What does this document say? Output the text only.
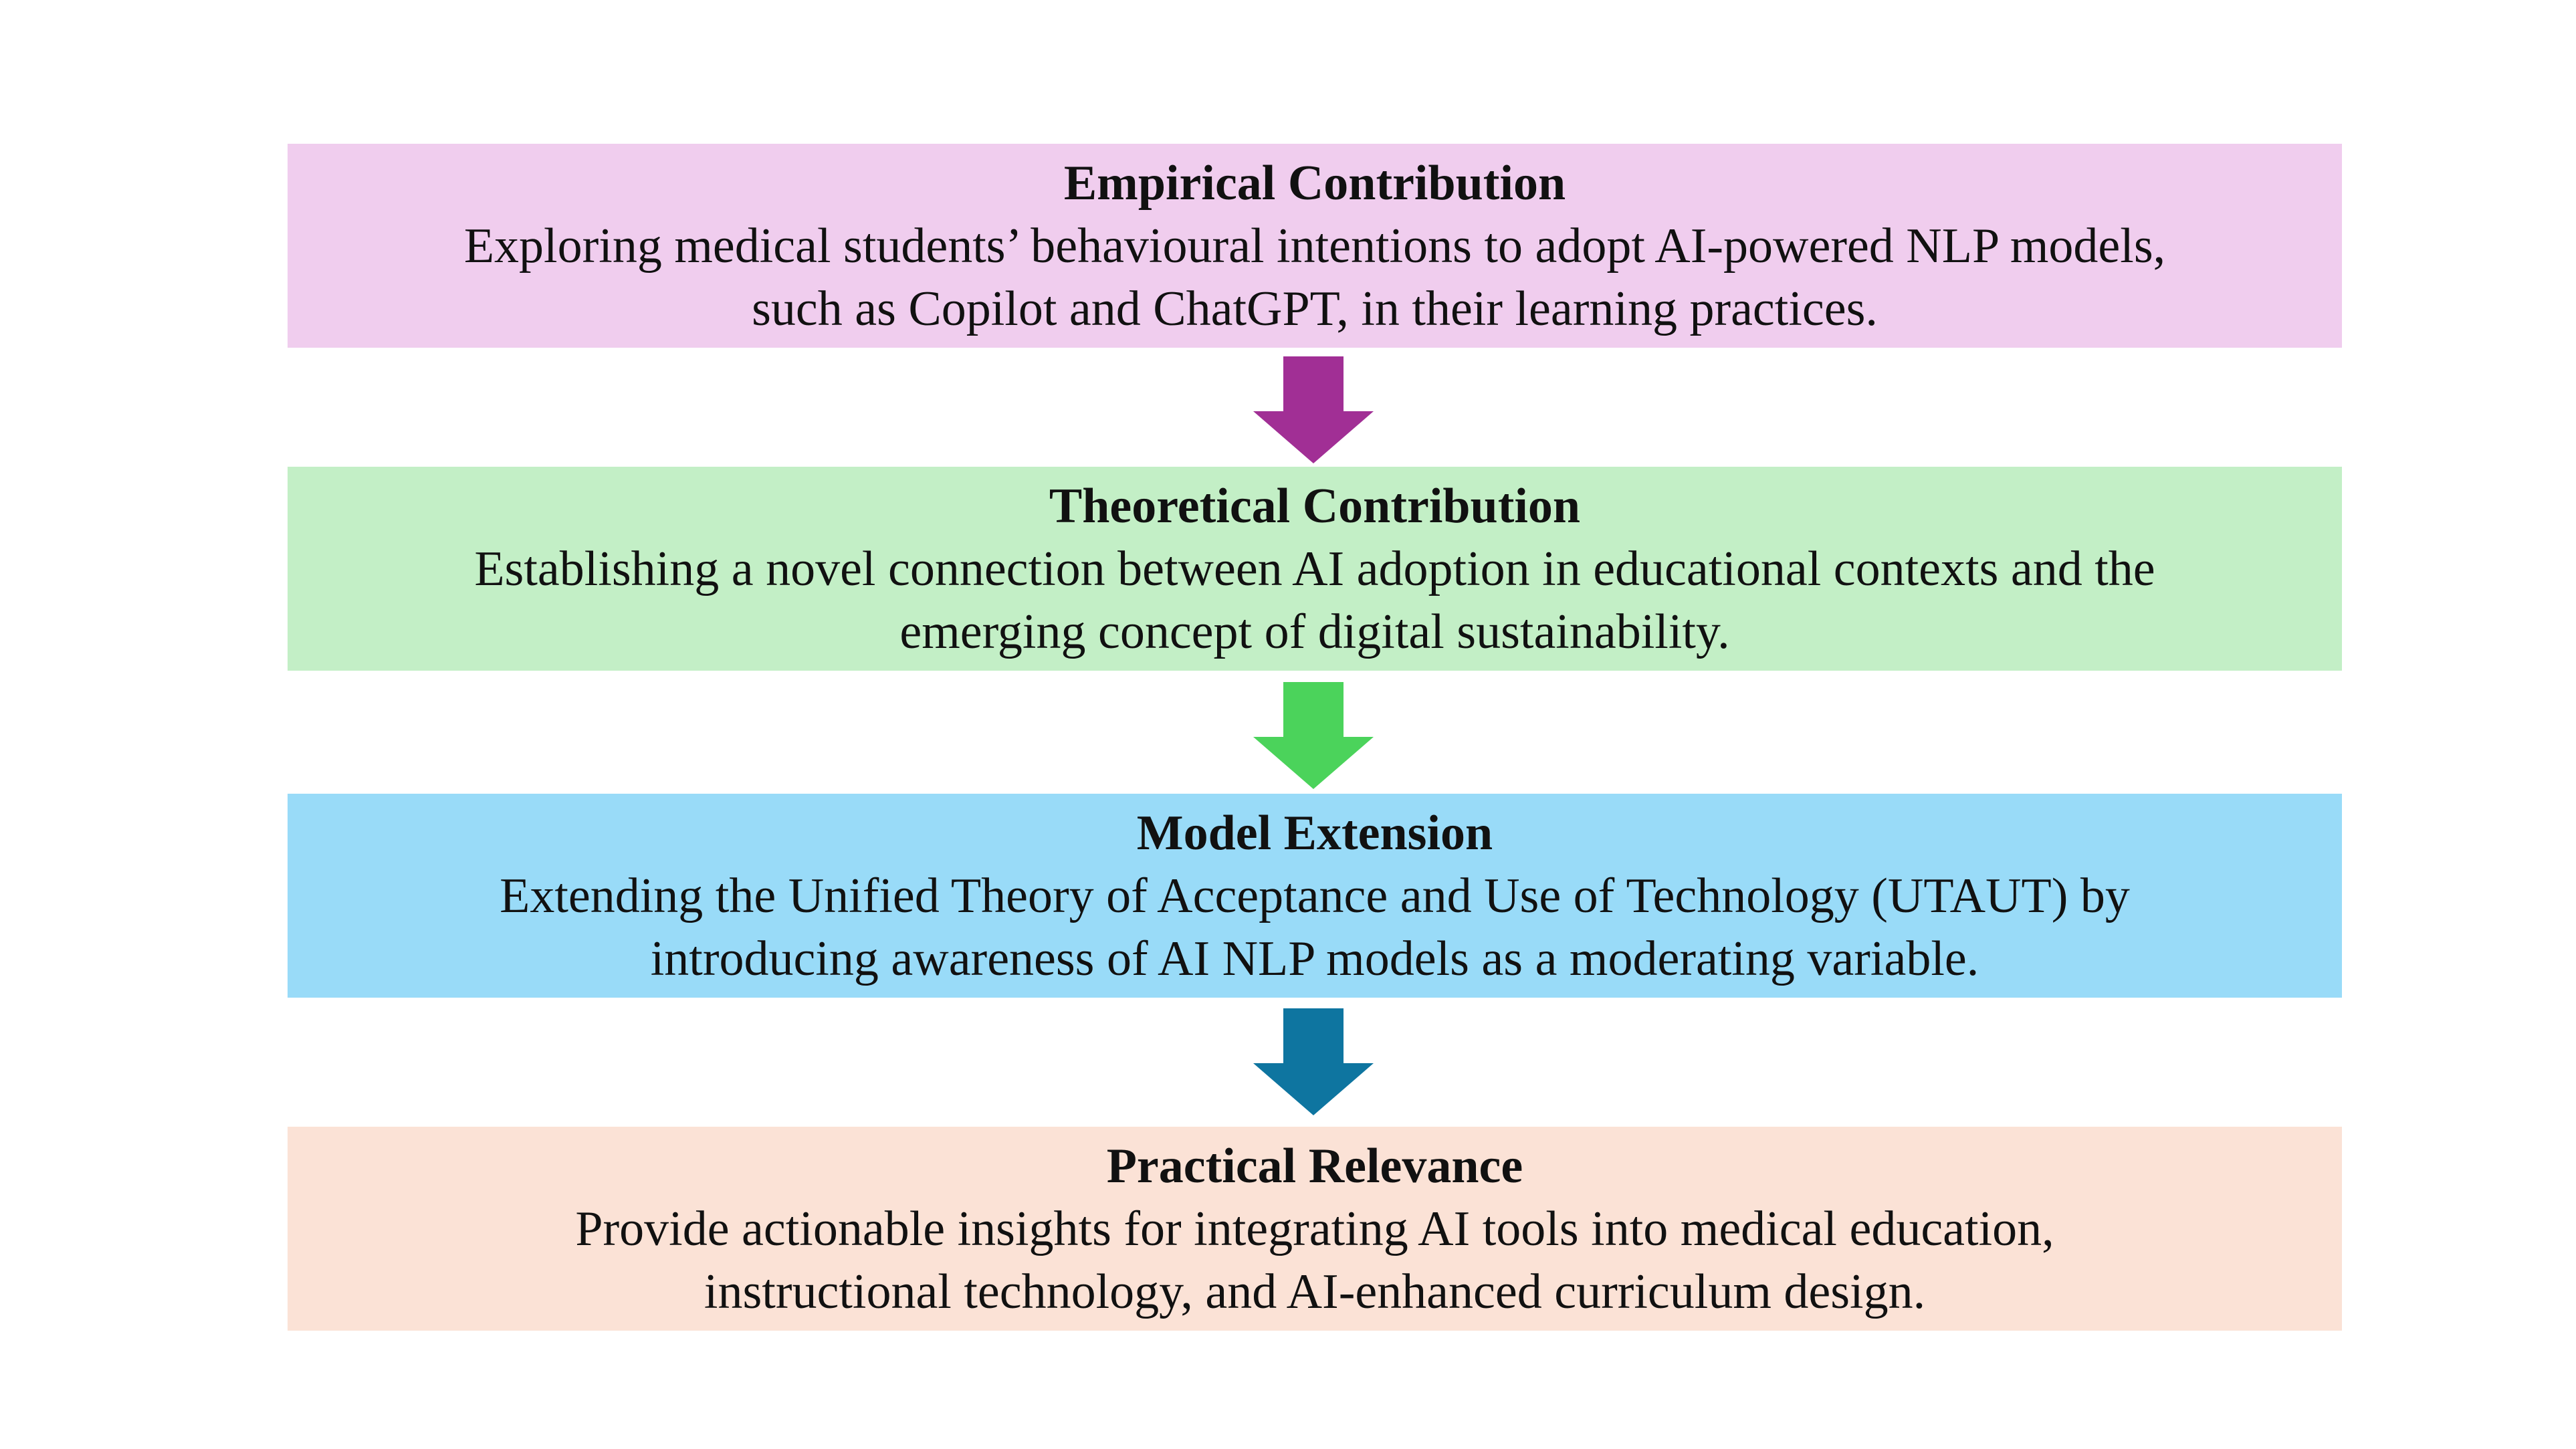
Empirical Contribution
Exploring medical students’ behavioural intentions to adopt AI-powered NLP models,
such as Copilot and ChatGPT, in their learning practices.
Theoretical Contribution
Establishing a novel connection between AI adoption in educational contexts and the
emerging concept of digital sustainability.
Model Extension
Extending the Unified Theory of Acceptance and Use of Technology (UTAUT) by
introducing awareness of AI NLP models as a moderating variable.
Practical Relevance
Provide actionable insights for integrating AI tools into medical education,
instructional technology, and AI-enhanced curriculum design.
